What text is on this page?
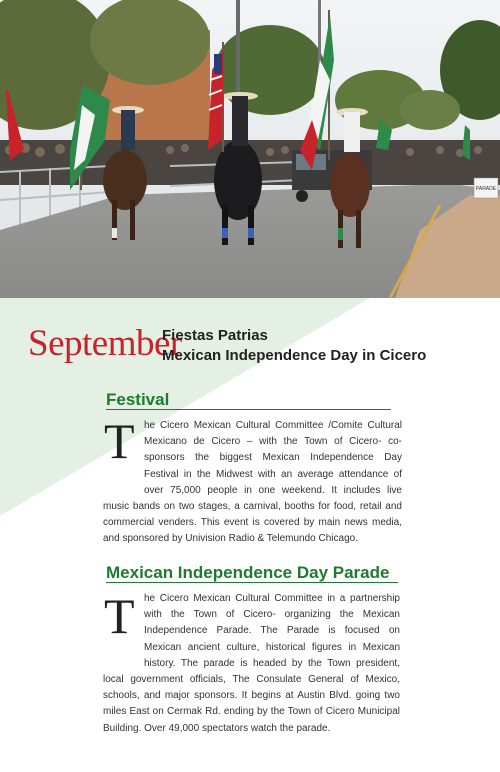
PARADE
September
Fiestas Patrias
Mexican Independence Day in Cicero
Festival
T he Cicero Mexican Cultural Committee /Comite Cultural
Mexicano de Cicero – with the Town of Cicero- co-
sponsors the biggest Mexican Independence Day
Festival in the Midwest with an average attendance of
over 75,000 people in one weekend. It includes live
music bands on two stages, a carnival, booths for food, retail and
commercial venders. This event is covered by main news media,
and sponsored by Univision Radio & Telemundo Chicago.
Mexican Independence Day Parade
T he Cicero Mexican Cultural Committee in a partnership
with the Town of Cicero- organizing the Mexican
Independence Parade. The Parade is focused on
Mexican ancient culture, historical figures in Mexican
history. The parade is headed by the Town president,
local government officials, The Consulate General of Mexico,
schools, and major sponsors. It begins at Austin Blvd. going two
miles East on Cermak Rd. ending by the Town of Cicero Municipal
Building. Over 49,000 spectators watch the parade.
